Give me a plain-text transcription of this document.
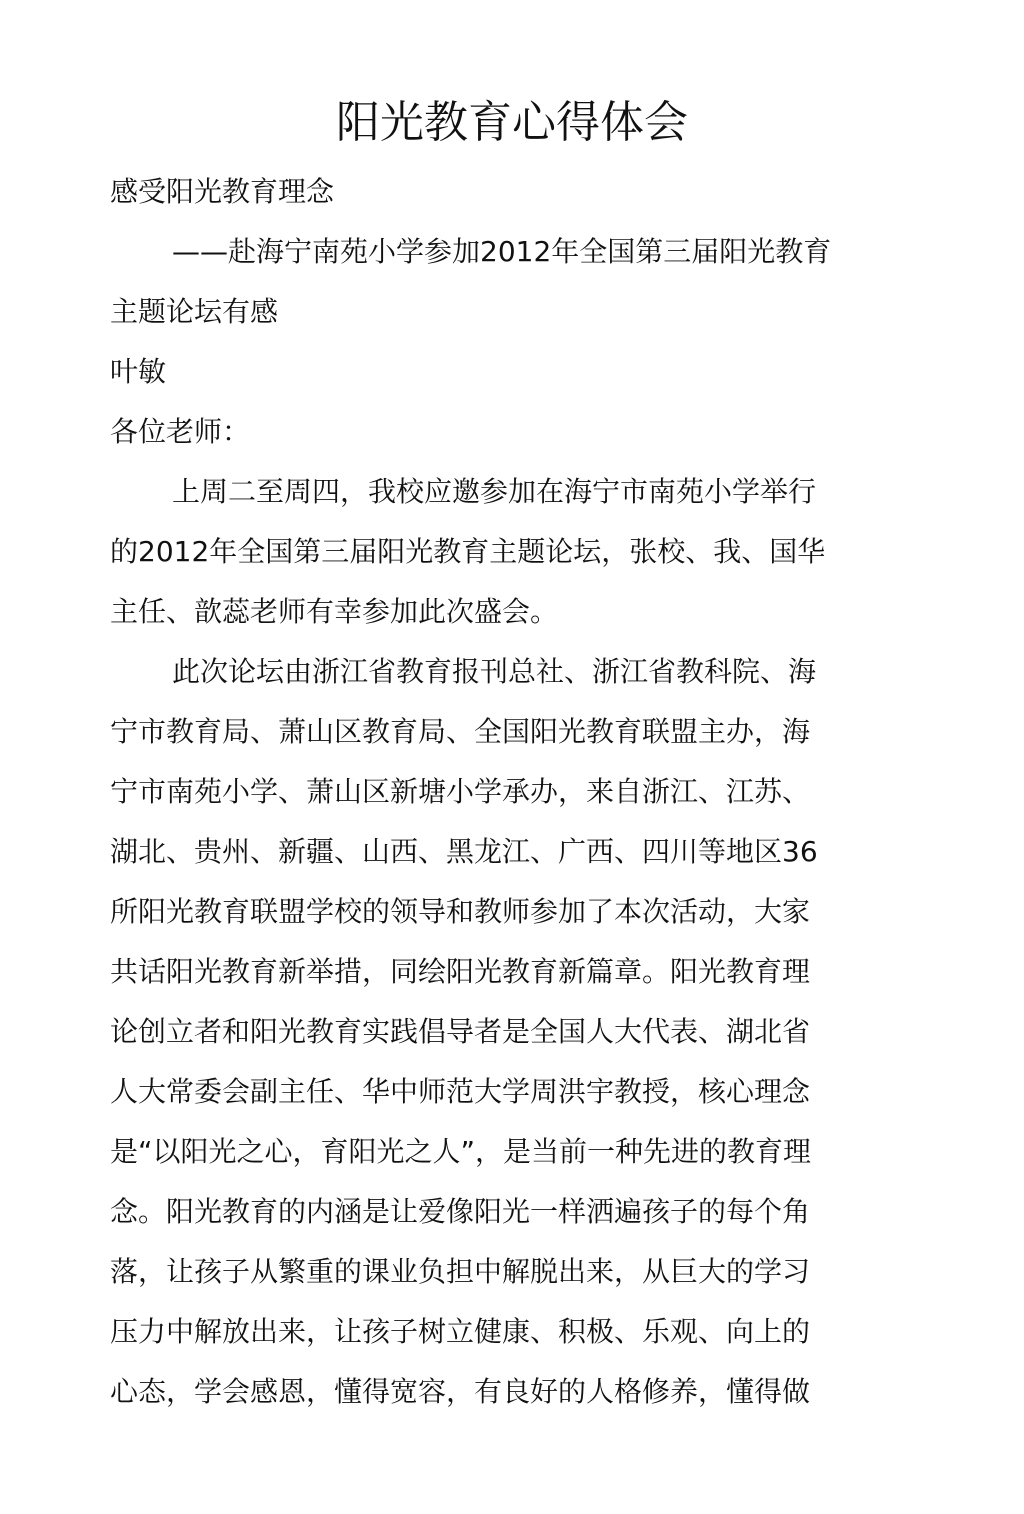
阳光教育心得体会

感受阳光教育理念

——赴海宁南苑小学参加2012年全国第三届阳光教育

主题论坛有感

叶敏

各位老师：

上周二至周四，我校应邀参加在海宁市南苑小学举行

的2012年全国第三届阳光教育主题论坛，张校、我、国华

主任、歆蕊老师有幸参加此次盛会。

此次论坛由浙江省教育报刊总社、浙江省教科院、海

宁市教育局、萧山区教育局、全国阳光教育联盟主办，海

宁市南苑小学、萧山区新塘小学承办，来自浙江、江苏、

湖北、贵州、新疆、山西、黑龙江、广西、四川等地区36

所阳光教育联盟学校的领导和教师参加了本次活动，大家

共话阳光教育新举措，同绘阳光教育新篇章。阳光教育理

论创立者和阳光教育实践倡导者是全国人大代表、湖北省

人大常委会副主任、华中师范大学周洪宇教授，核心理念

是“以阳光之心，育阳光之人”，是当前一种先进的教育理

念。阳光教育的内涵是让爱像阳光一样洒遍孩子的每个角

落，让孩子从繁重的课业负担中解脱出来，从巨大的学习

压力中解放出来，让孩子树立健康、积极、乐观、向上的

心态，学会感恩，懂得宽容，有良好的人格修养，懂得做
